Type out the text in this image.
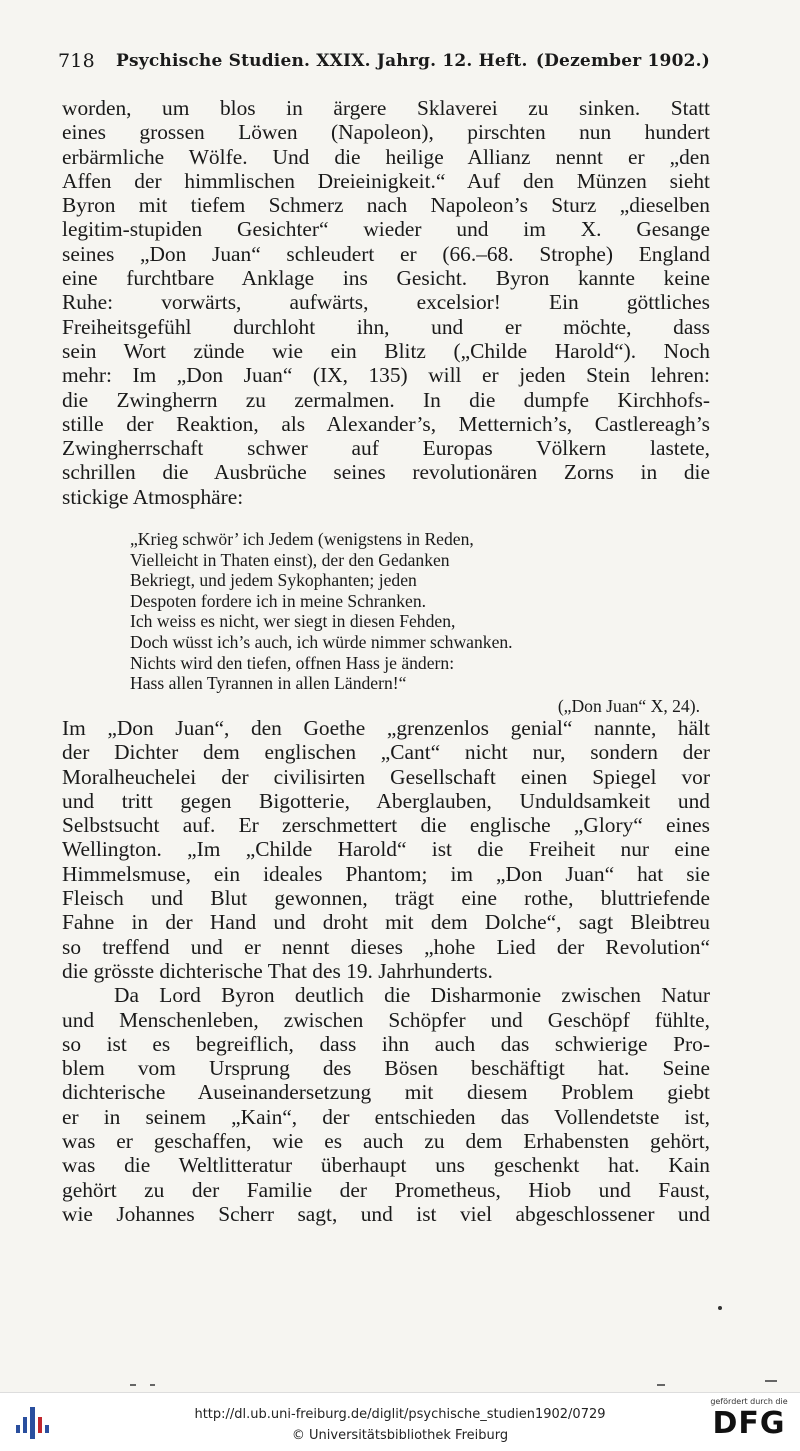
718 Psychische Studien. XXIX. Jahrg. 12. Heft. (Dezember 1902.)
worden, um blos in ärgere Sklaverei zu sinken. Statt
eines grossen Löwen (Napoleon), pirschten nun hundert
erbärmliche Wölfe. Und die heilige Allianz nennt er „den
Affen der himmlischen Dreieinigkeit.“ Auf den Münzen sieht
Byron mit tiefem Schmerz nach Napoleon’s Sturz „dieselben
legitim-stupiden Gesichter“ wieder und im X. Gesange
seines „Don Juan“ schleudert er (66.–68. Strophe) England
eine furchtbare Anklage ins Gesicht. Byron kannte keine
Ruhe: vorwärts, aufwärts, excelsior! Ein göttliches
Freiheitsgefühl durchloht ihn, und er möchte, dass
sein Wort zünde wie ein Blitz („Childe Harold“). Noch
mehr: Im „Don Juan“ (IX, 135) will er jeden Stein lehren:
die Zwingherrn zu zermalmen. In die dumpfe Kirchhofs-
stille der Reaktion, als Alexander’s, Metternich’s, Castlereagh’s
Zwingherrschaft schwer auf Europas Völkern lastete,
schrillen die Ausbrüche seines revolutionären Zorns in die
stickige Atmosphäre:
„Krieg schwör’ ich Jedem (wenigstens in Reden,
Vielleicht in Thaten einst), der den Gedanken
Bekriegt, und jedem Sykophanten; jeden
Despoten fordere ich in meine Schranken.
Ich weiss es nicht, wer siegt in diesen Fehden,
Doch wüsst ich’s auch, ich würde nimmer schwanken.
Nichts wird den tiefen, offnen Hass je ändern:
Hass allen Tyrannen in allen Ländern!“
(„Don Juan“ X, 24).
Im „Don Juan“, den Goethe „grenzenlos genial“ nannte, hält
der Dichter dem englischen „Cant“ nicht nur, sondern der
Moralheuchelei der civilisirten Gesellschaft einen Spiegel vor
und tritt gegen Bigotterie, Aberglauben, Unduldsamkeit und
Selbstsucht auf. Er zerschmettert die englische „Glory“ eines
Wellington. „Im „Childe Harold“ ist die Freiheit nur eine
Himmelsmuse, ein ideales Phantom; im „Don Juan“ hat sie
Fleisch und Blut gewonnen, trägt eine rothe, bluttriefende
Fahne in der Hand und droht mit dem Dolche“, sagt Bleibtreu
so treffend und er nennt dieses „hohe Lied der Revolution“
die grösste dichterische That des 19. Jahrhunderts.
Da Lord Byron deutlich die Disharmonie zwischen Natur
und Menschenleben, zwischen Schöpfer und Geschöpf fühlte,
so ist es begreiflich, dass ihn auch das schwierige Pro-
blem vom Ursprung des Bösen beschäftigt hat. Seine
dichterische Auseinandersetzung mit diesem Problem giebt
er in seinem „Kain“, der entschieden das Vollendetste ist,
was er geschaffen, wie es auch zu dem Erhabensten gehört,
was die Weltlitteratur überhaupt uns geschenkt hat. Kain
gehört zu der Familie der Prometheus, Hiob und Faust,
wie Johannes Scherr sagt, und ist viel abgeschlossener und
http://dl.ub.uni-freiburg.de/diglit/psychische_studien1902/0729
© Universitätsbibliothek Freiburg
gefördert durch die
DFG
